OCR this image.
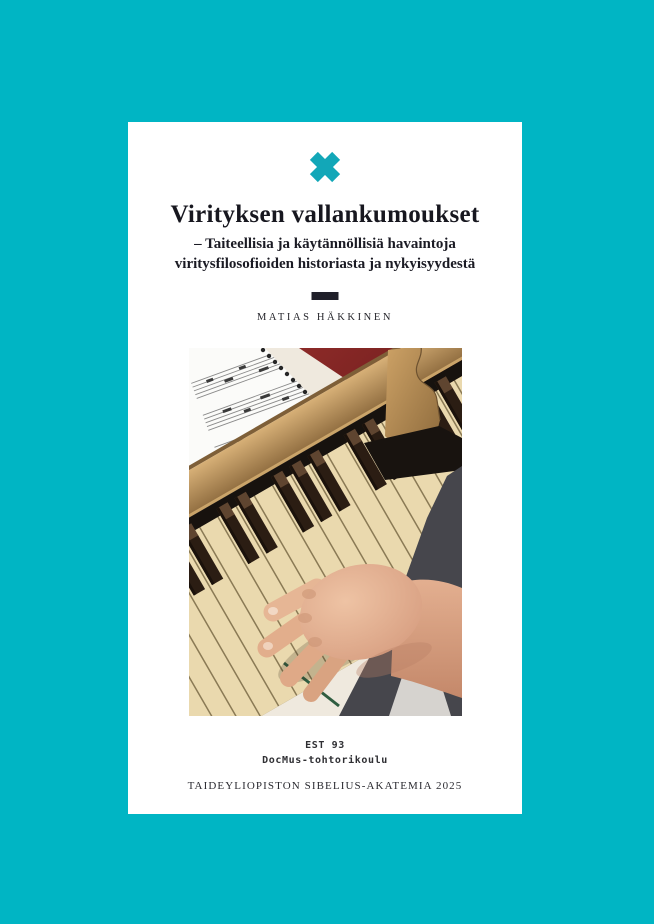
Virityksen vallankumoukset
– Taiteellisia ja käytännöllisiä havaintoja
viritysfilosofioiden historiasta ja nykyisyydestä
MATIAS HÄKKINEN
EST 93
DocMus-tohtorikoulu
TAIDEYLIOPISTON SIBELIUS-AKATEMIA 2025
